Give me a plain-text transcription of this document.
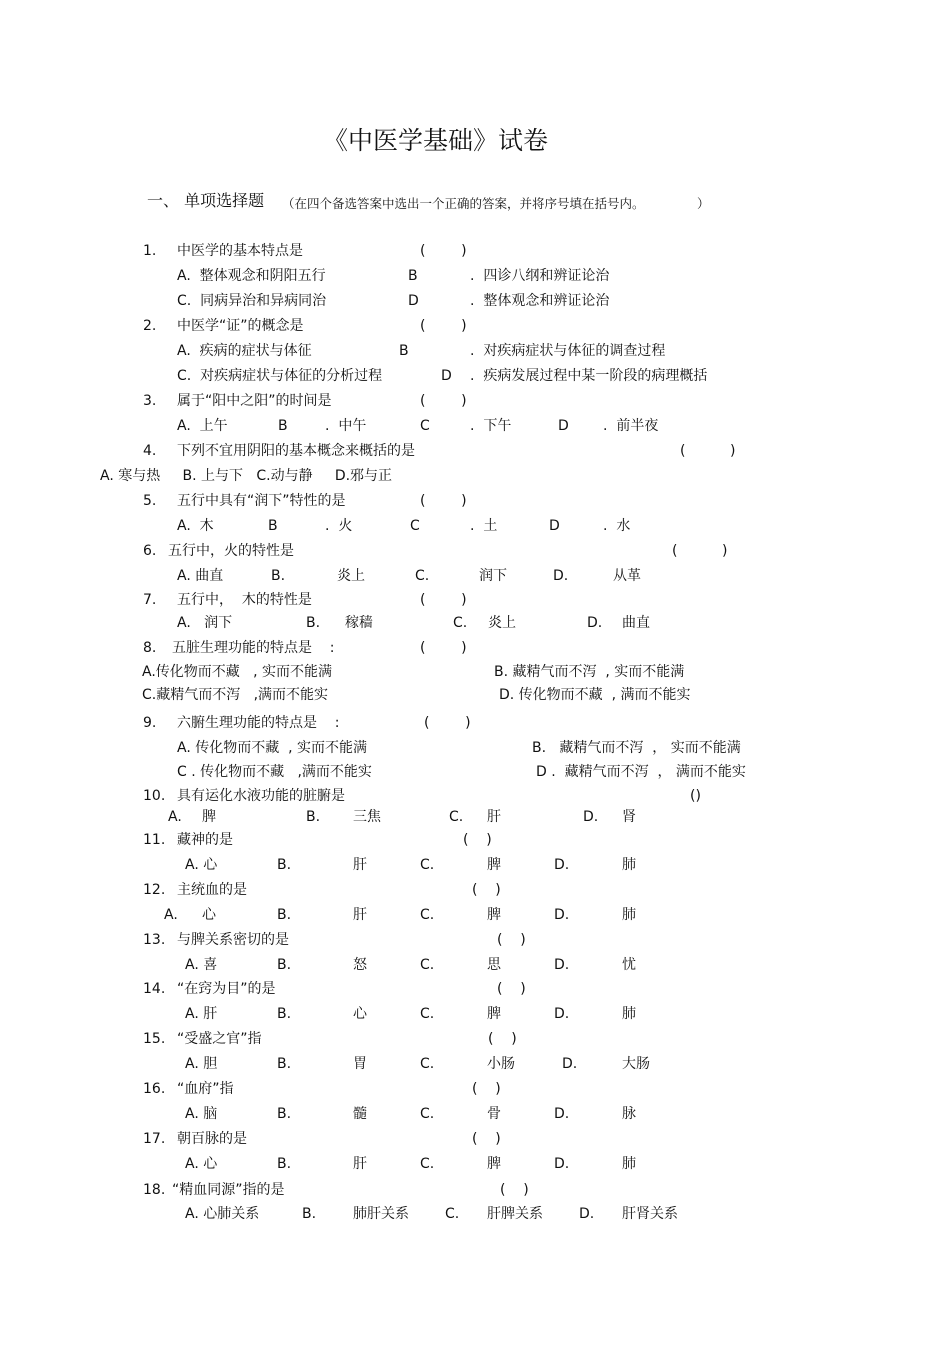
《中医学基础》试卷
一、 单项选择题 （在四个备选答案中选出一个正确的答案，并将序号填在括号内。	）
1. 中医学的基本特点是	(        )
A.  整体观念和阴阳五行	B	.  四诊八纲和辨证论治
C.  同病异治和异病同治	D	.  整体观念和辨证论治
2. 中医学“证”的概念是	(        )
A.  疾病的症状与体征	B	.  对疾病症状与体征的调查过程
C.  对疾病症状与体征的分析过程	D .  疾病发展过程中某一阶段的病理概括
3. 属于“阳中之阳”的时间是	(        )
A.  上午	B	.  中午	C	.  下午	D .  前半夜
4. 下列不宜用阴阳的基本概念来概括的是	(          )
A. 寒与热     B. 上与下   C.动与静     D.邪与正
5. 五行中具有“润下”特性的是	(        )
A.  木	B	.  火	C	.  土	D	.  水
6. 五行中，火的特性是	(          )
A. 曲直	B.	炎上	C.	润下	D.	从革
7. 五行中，  木的特性是	(        )
A.   润下	B. 稼穑	C. 炎上	D. 曲直
8. 五脏生理功能的特点是    :	(        )
A.传化物而不藏   , 实而不能满	B. 藏精气而不泻  , 实而不能满
C.藏精气而不泻   ,满而不能实	D. 传化物而不藏  , 满而不能实
9. 六腑生理功能的特点是    :	(        )
A. 传化物而不藏  , 实而不能满	B.   藏精气而不泻  ， 实而不能满
C . 传化物而不藏   ,满而不能实	D .  藏精气而不泻  ， 满而不能实
10. 具有运化水液功能的脏腑是	()
A. 脾	B. 三焦	C. 肝	D. 肾
11. 藏神的是	(    )
A. 心	B.	肝	C.	脾	D.	肺
12. 主统血的是	(    )
A. 心	B.	肝	C.	脾	D.	肺
13. 与脾关系密切的是	(    )
A. 喜	B.	怒	C.	思	D.	忧
14. “在窍为目”的是	(    )
A. 肝	B.	心	C.	脾	D.	肺
15. “受盛之官”指	(    )
A. 胆	B.	胃	C.	小肠	D.	大肠
16. “血府”指	(    )
A. 脑	B.	髓	C.	骨	D.	脉
17. 朝百脉的是	(    )
A. 心	B.	肝	C.	脾	D.	肺
18. “精血同源”指的是	(    )
A. 心肺关系	B.	肺肝关系	C. 肝脾关系	D. 肝肾关系
